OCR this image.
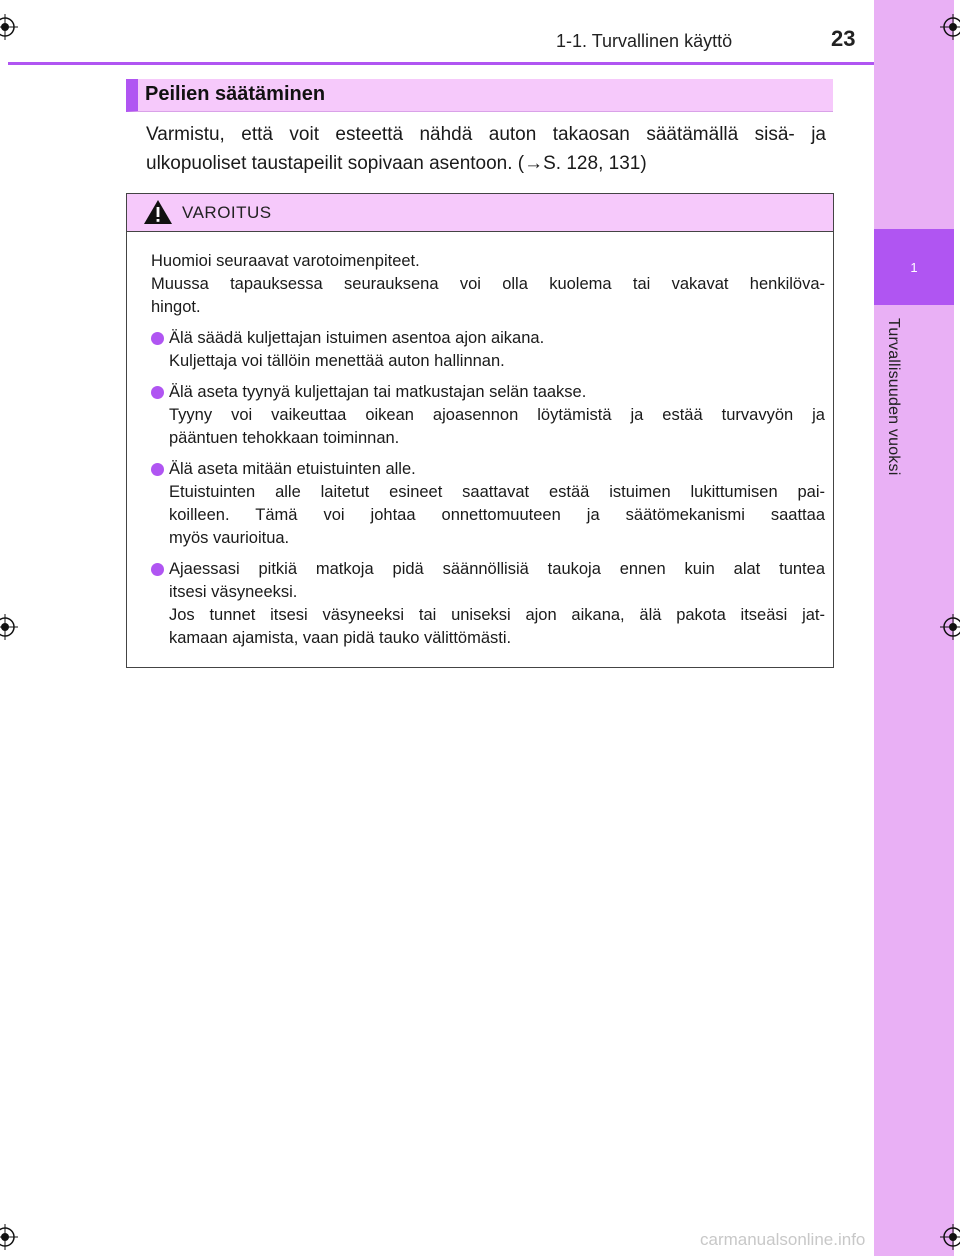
1
Turvallisuuden vuoksi
1-1. Turvallinen käyttö	23
Peilien säätäminen
Varmistu, että voit esteettä nähdä auton takaosan säätämällä sisä- ja
ulkopuoliset taustapeilit sopivaan asentoon. (→S. 128, 131)
VAROITUS
Huomioi seuraavat varotoimenpiteet.
Muussa tapauksessa seurauksena voi olla kuolema tai vakavat henkilöva-
hingot.
Älä säädä kuljettajan istuimen asentoa ajon aikana.
Kuljettaja voi tällöin menettää auton hallinnan.
Älä aseta tyynyä kuljettajan tai matkustajan selän taakse.
Tyyny voi vaikeuttaa oikean ajoasennon löytämistä ja estää turvavyön ja
pääntuen tehokkaan toiminnan.
Älä aseta mitään etuistuinten alle.
Etuistuinten alle laitetut esineet saattavat estää istuimen lukittumisen pai-
koilleen. Tämä voi johtaa onnettomuuteen ja säätömekanismi saattaa
myös vaurioitua.
Ajaessasi pitkiä matkoja pidä säännöllisiä taukoja ennen kuin alat tuntea
itsesi väsyneeksi.
Jos tunnet itsesi väsyneeksi tai uniseksi ajon aikana, älä pakota itseäsi jat-
kamaan ajamista, vaan pidä tauko välittömästi.
carmanualsonline.info
